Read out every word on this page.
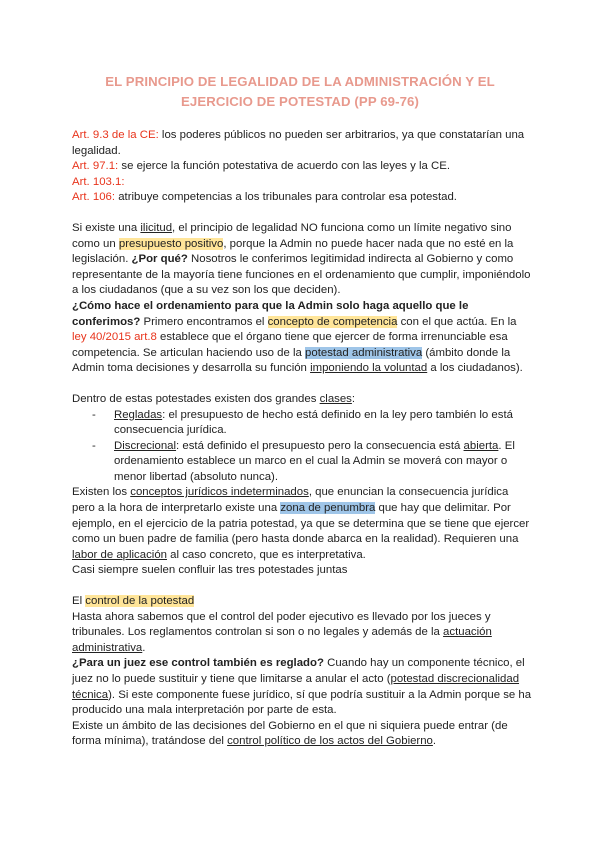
EL PRINCIPIO DE LEGALIDAD DE LA ADMINISTRACIÓN Y EL
EJERCICIO DE POTESTAD (PP 69-76)

Art. 9.3 de la CE: los poderes públicos no pueden ser arbitrarios, ya que constatarían una legalidad.

Art. 97.1: se ejerce la función potestativa de acuerdo con las leyes y la CE.

Art. 103.1:

Art. 106: atribuye competencias a los tribunales para controlar esa potestad.

Si existe una ilicitud, el principio de legalidad NO funciona como un límite negativo sino como un presupuesto positivo, porque la Admin no puede hacer nada que no esté en la legislación. ¿Por qué? Nosotros le conferimos legitimidad indirecta al Gobierno y como representante de la mayoría tiene funciones en el ordenamiento que cumplir, imponiéndolo a los ciudadanos (que a su vez son los que deciden).

¿Cómo hace el ordenamiento para que la Admin solo haga aquello que le conferimos? Primero encontramos el concepto de competencia con el que actúa. En la ley 40/2015 art.8 establece que el órgano tiene que ejercer de forma irrenunciable esa competencia. Se articulan haciendo uso de la potestad administrativa (ámbito donde la Admin toma decisiones y desarrolla su función imponiendo la voluntad a los ciudadanos).

Dentro de estas potestades existen dos grandes clases:

- Regladas: el presupuesto de hecho está definido en la ley pero también lo está consecuencia jurídica.
- Discrecional: está definido el presupuesto pero la consecuencia está abierta. El ordenamiento establece un marco en el cual la Admin se moverá con mayor o menor libertad (absoluto nunca).

Existen los conceptos jurídicos indeterminados, que enuncian la consecuencia jurídica pero a la hora de interpretarlo existe una zona de penumbra que hay que delimitar. Por ejemplo, en el ejercicio de la patria potestad, ya que se determina que se tiene que ejercer como un buen padre de familia (pero hasta donde abarca en la realidad). Requieren una labor de aplicación al caso concreto, que es interpretativa.

Casi siempre suelen confluir las tres potestades juntas

El control de la potestad

Hasta ahora sabemos que el control del poder ejecutivo es llevado por los jueces y tribunales. Los reglamentos controlan si son o no legales y además de la actuación administrativa.

¿Para un juez ese control también es reglado? Cuando hay un componente técnico, el juez no lo puede sustituir y tiene que limitarse a anular el acto (potestad discrecionalidad técnica). Si este componente fuese jurídico, sí que podría sustituir a la Admin porque se ha producido una mala interpretación por parte de esta.

Existe un ámbito de las decisiones del Gobierno en el que ni siquiera puede entrar (de forma mínima), tratándose del control político de los actos del Gobierno.
